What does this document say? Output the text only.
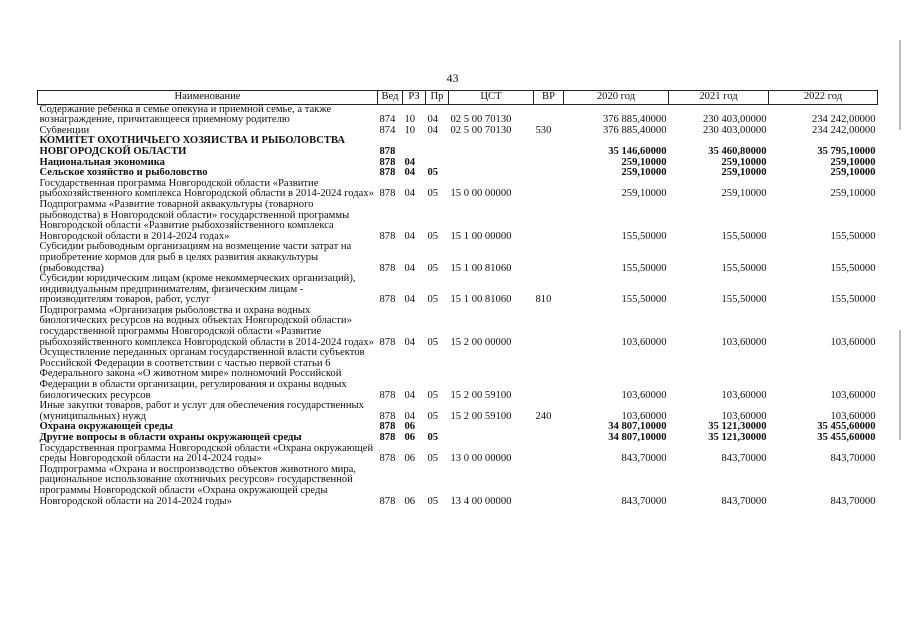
43
Наименование	Вед	РЗ	Пр	ЦСТ	ВР	2020 год	2021 год	2022 год
Содержание ребенка в семье опекуна и приемной семье, а также вознаграждение, причитающееся приемному родителю	874	10	04	02 5 00 70130		376 885,40000	230 403,00000	234 242,00000
Субвенции	874	10	04	02 5 00 70130	530	376 885,40000	230 403,00000	234 242,00000
КОМИТЕТ ОХОТНИЧЬЕГО ХОЗЯЙСТВА И РЫБОЛОВСТВА НОВГОРОДСКОЙ ОБЛАСТИ	878					35 146,60000	35 460,80000	35 795,10000
Национальная экономика	878	04				259,10000	259,10000	259,10000
Сельское хозяйство и рыболовство	878	04	05			259,10000	259,10000	259,10000
Государственная программа Новгородской области «Развитие рыбохозяйственного комплекса Новгородской области в 2014-2024 годах»	878	04	05	15 0 00 00000		259,10000	259,10000	259,10000
Подпрограмма «Развитие товарной аквакультуры (товарного рыбоводства) в Новгородской области» государственной программы Новгородской области «Развитие рыбохозяйственного комплекса Новгородской области в 2014-2024 годах»	878	04	05	15 1 00 00000		155,50000	155,50000	155,50000
Субсидии рыбоводным организациям на возмещение части затрат на приобретение кормов для рыб в целях развития аквакультуры (рыбоводства)	878	04	05	15 1 00 81060		155,50000	155,50000	155,50000
Субсидии юридическим лицам (кроме некоммерческих организаций), индивидуальным предпринимателям, физическим лицам - производителям товаров, работ, услуг	878	04	05	15 1 00 81060	810	155,50000	155,50000	155,50000
Подпрограмма «Организация рыболовства и охрана водных биологических ресурсов на водных объектах Новгородской области» государственной программы Новгородской области «Развитие рыбохозяйственного комплекса Новгородской области в 2014-2024 годах»	878	04	05	15 2 00 00000		103,60000	103,60000	103,60000
Осуществление переданных органам государственной власти субъектов Российской Федерации в соответствии с частью первой статьи 6 Федерального закона «О животном мире» полномочий Российской Федерации в области организации, регулирования и охраны водных биологических ресурсов	878	04	05	15 2 00 59100		103,60000	103,60000	103,60000
Иные закупки товаров, работ и услуг для обеспечения государственных (муниципальных) нужд	878	04	05	15 2 00 59100	240	103,60000	103,60000	103,60000
Охрана окружающей среды	878	06				34 807,10000	35 121,30000	35 455,60000
Другие вопросы в области охраны окружающей среды	878	06	05			34 807,10000	35 121,30000	35 455,60000
Государственная программа Новгородской области «Охрана окружающей среды Новгородской области на 2014-2024 годы»	878	06	05	13 0 00 00000		843,70000	843,70000	843,70000
Подпрограмма «Охрана и воспроизводство объектов животного мира, рациональное использование охотничьих ресурсов» государственной программы Новгородской области «Охрана окружающей среды Новгородской области на 2014-2024 годы»	878	06	05	13 4 00 00000		843,70000	843,70000	843,70000
